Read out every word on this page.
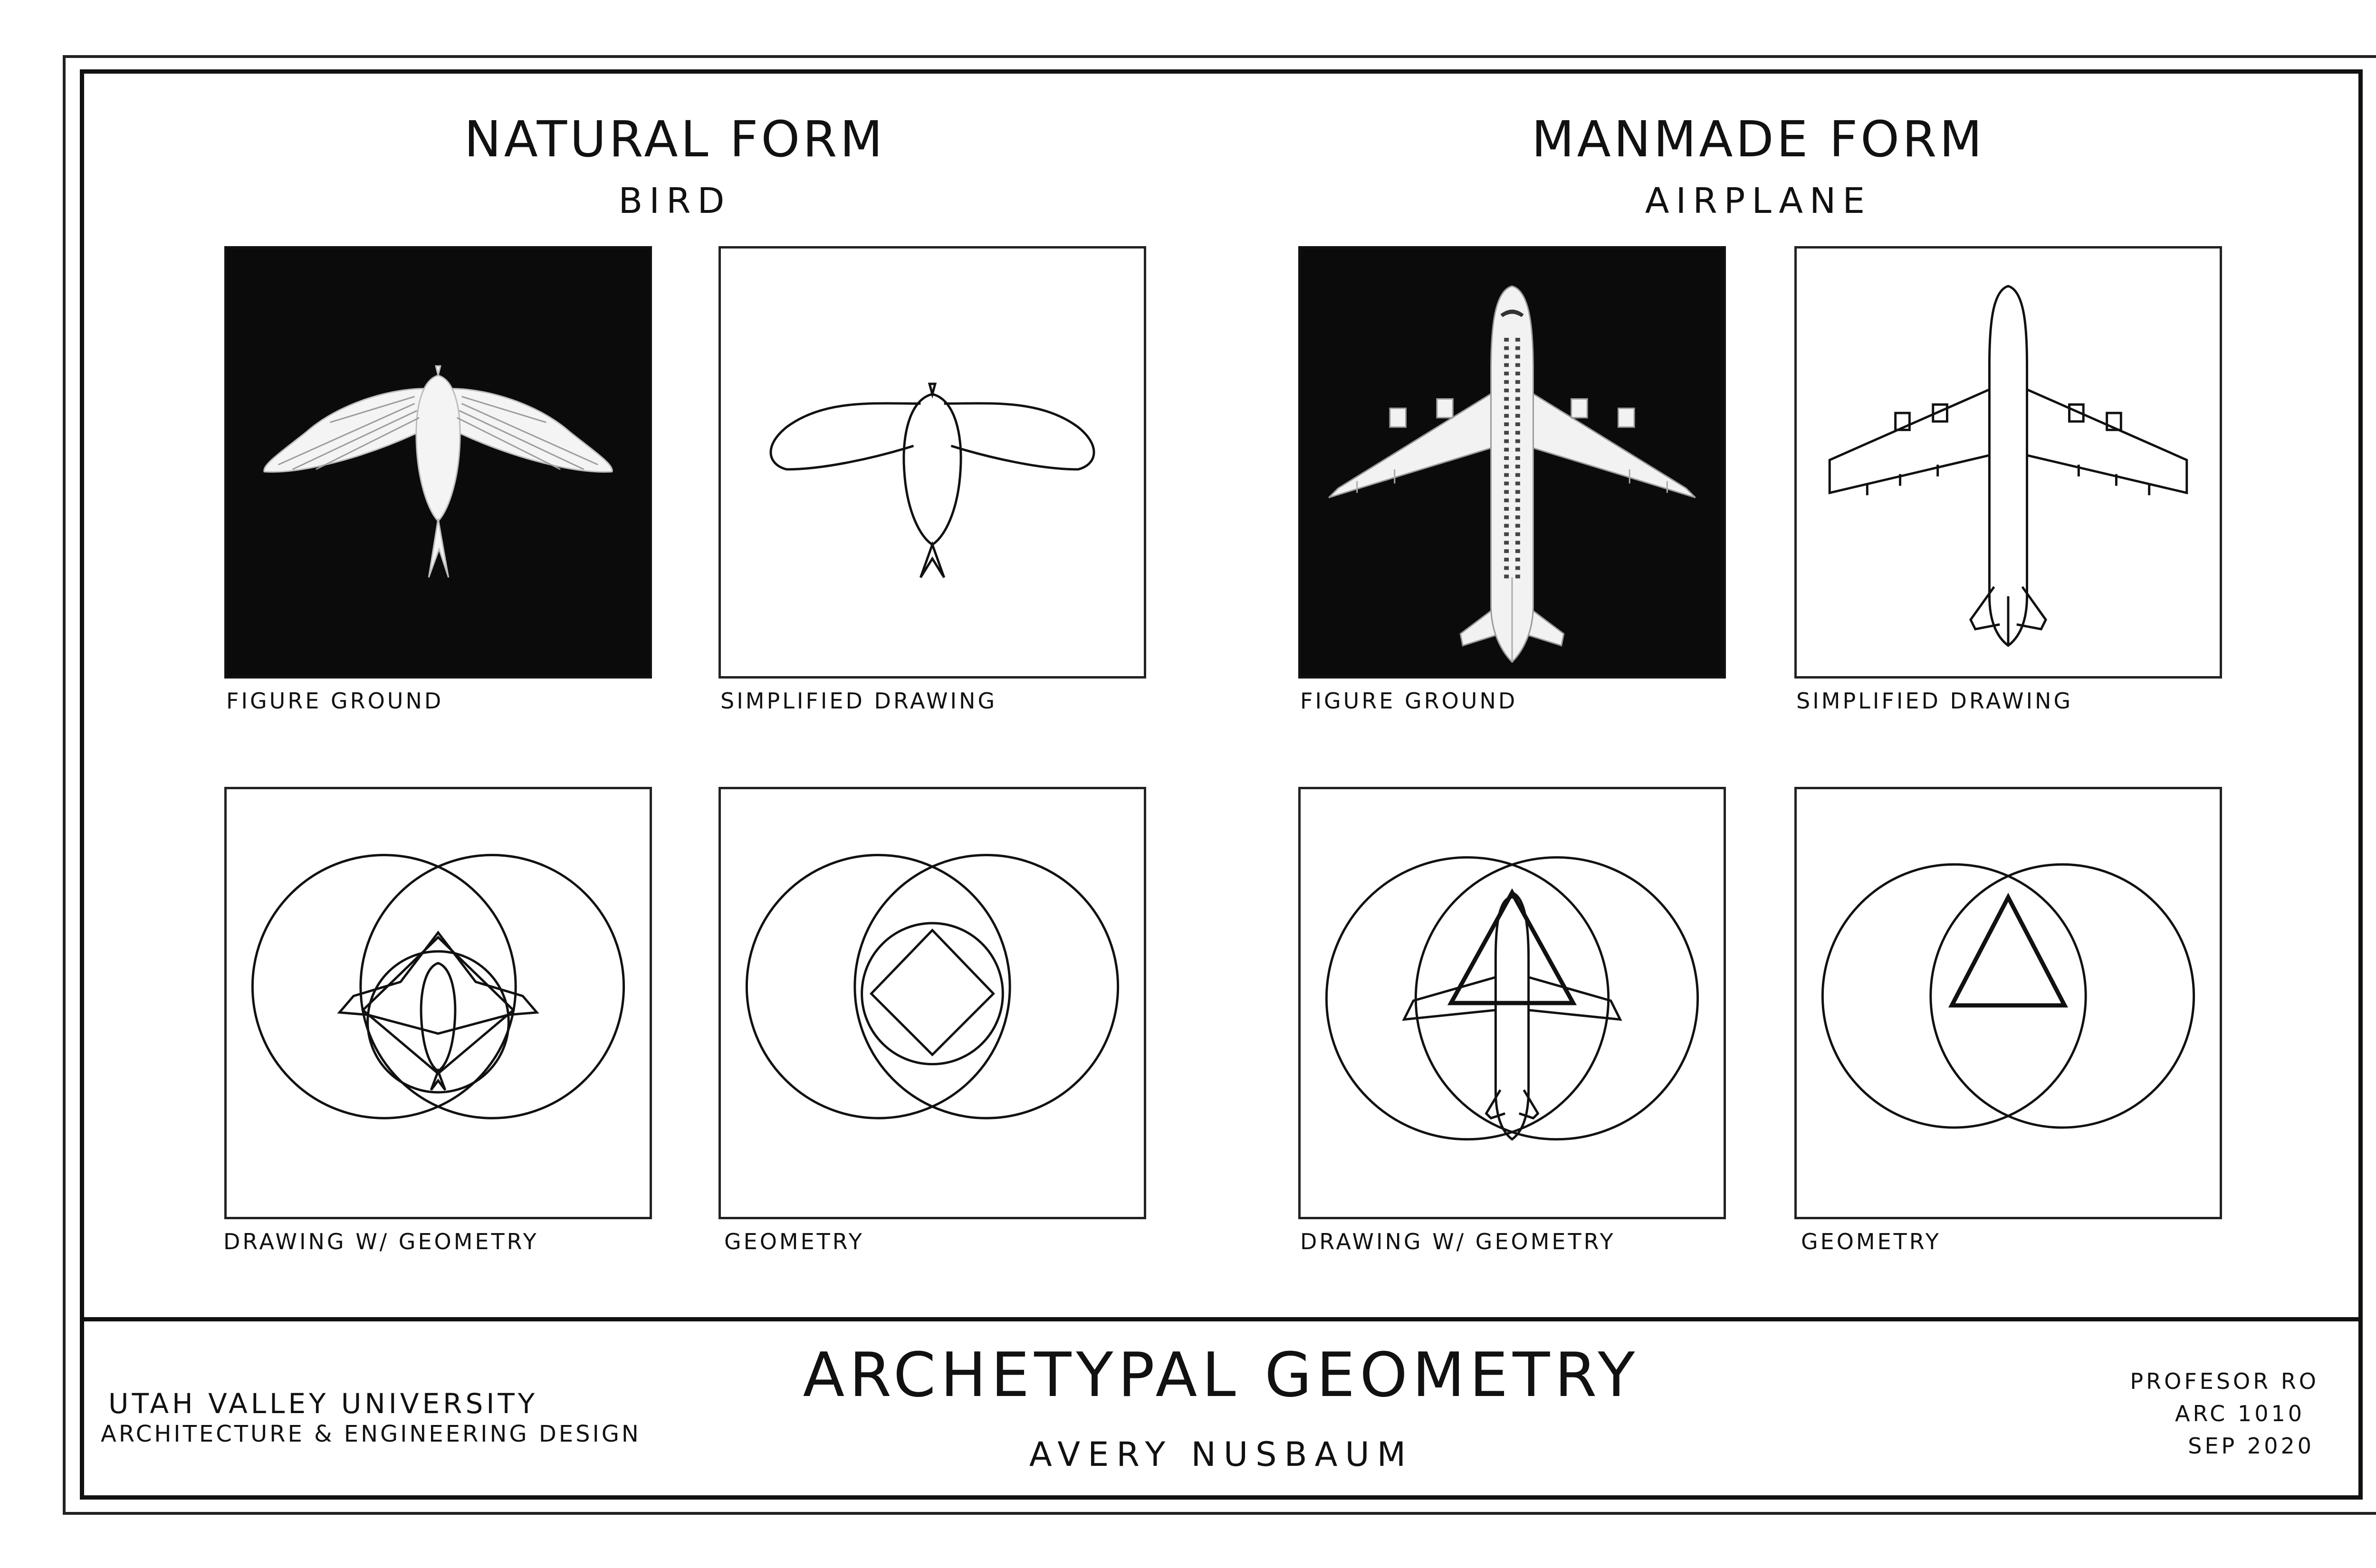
NATURAL FORM
BIRD
MANMADE FORM
AIRPLANE
FIGURE GROUND	SIMPLIFIED DRAWING	FIGURE GROUND	SIMPLIFIED DRAWING
DRAWING W/ GEOMETRY	GEOMETRY	DRAWING W/ GEOMETRY	GEOMETRY
UTAH VALLEY UNIVERSITY
ARCHITECTURE & ENGINEERING DESIGN
ARCHETYPAL GEOMETRY
AVERY NUSBAUM
PROFESOR RO
ARC 1010
SEP 2020
